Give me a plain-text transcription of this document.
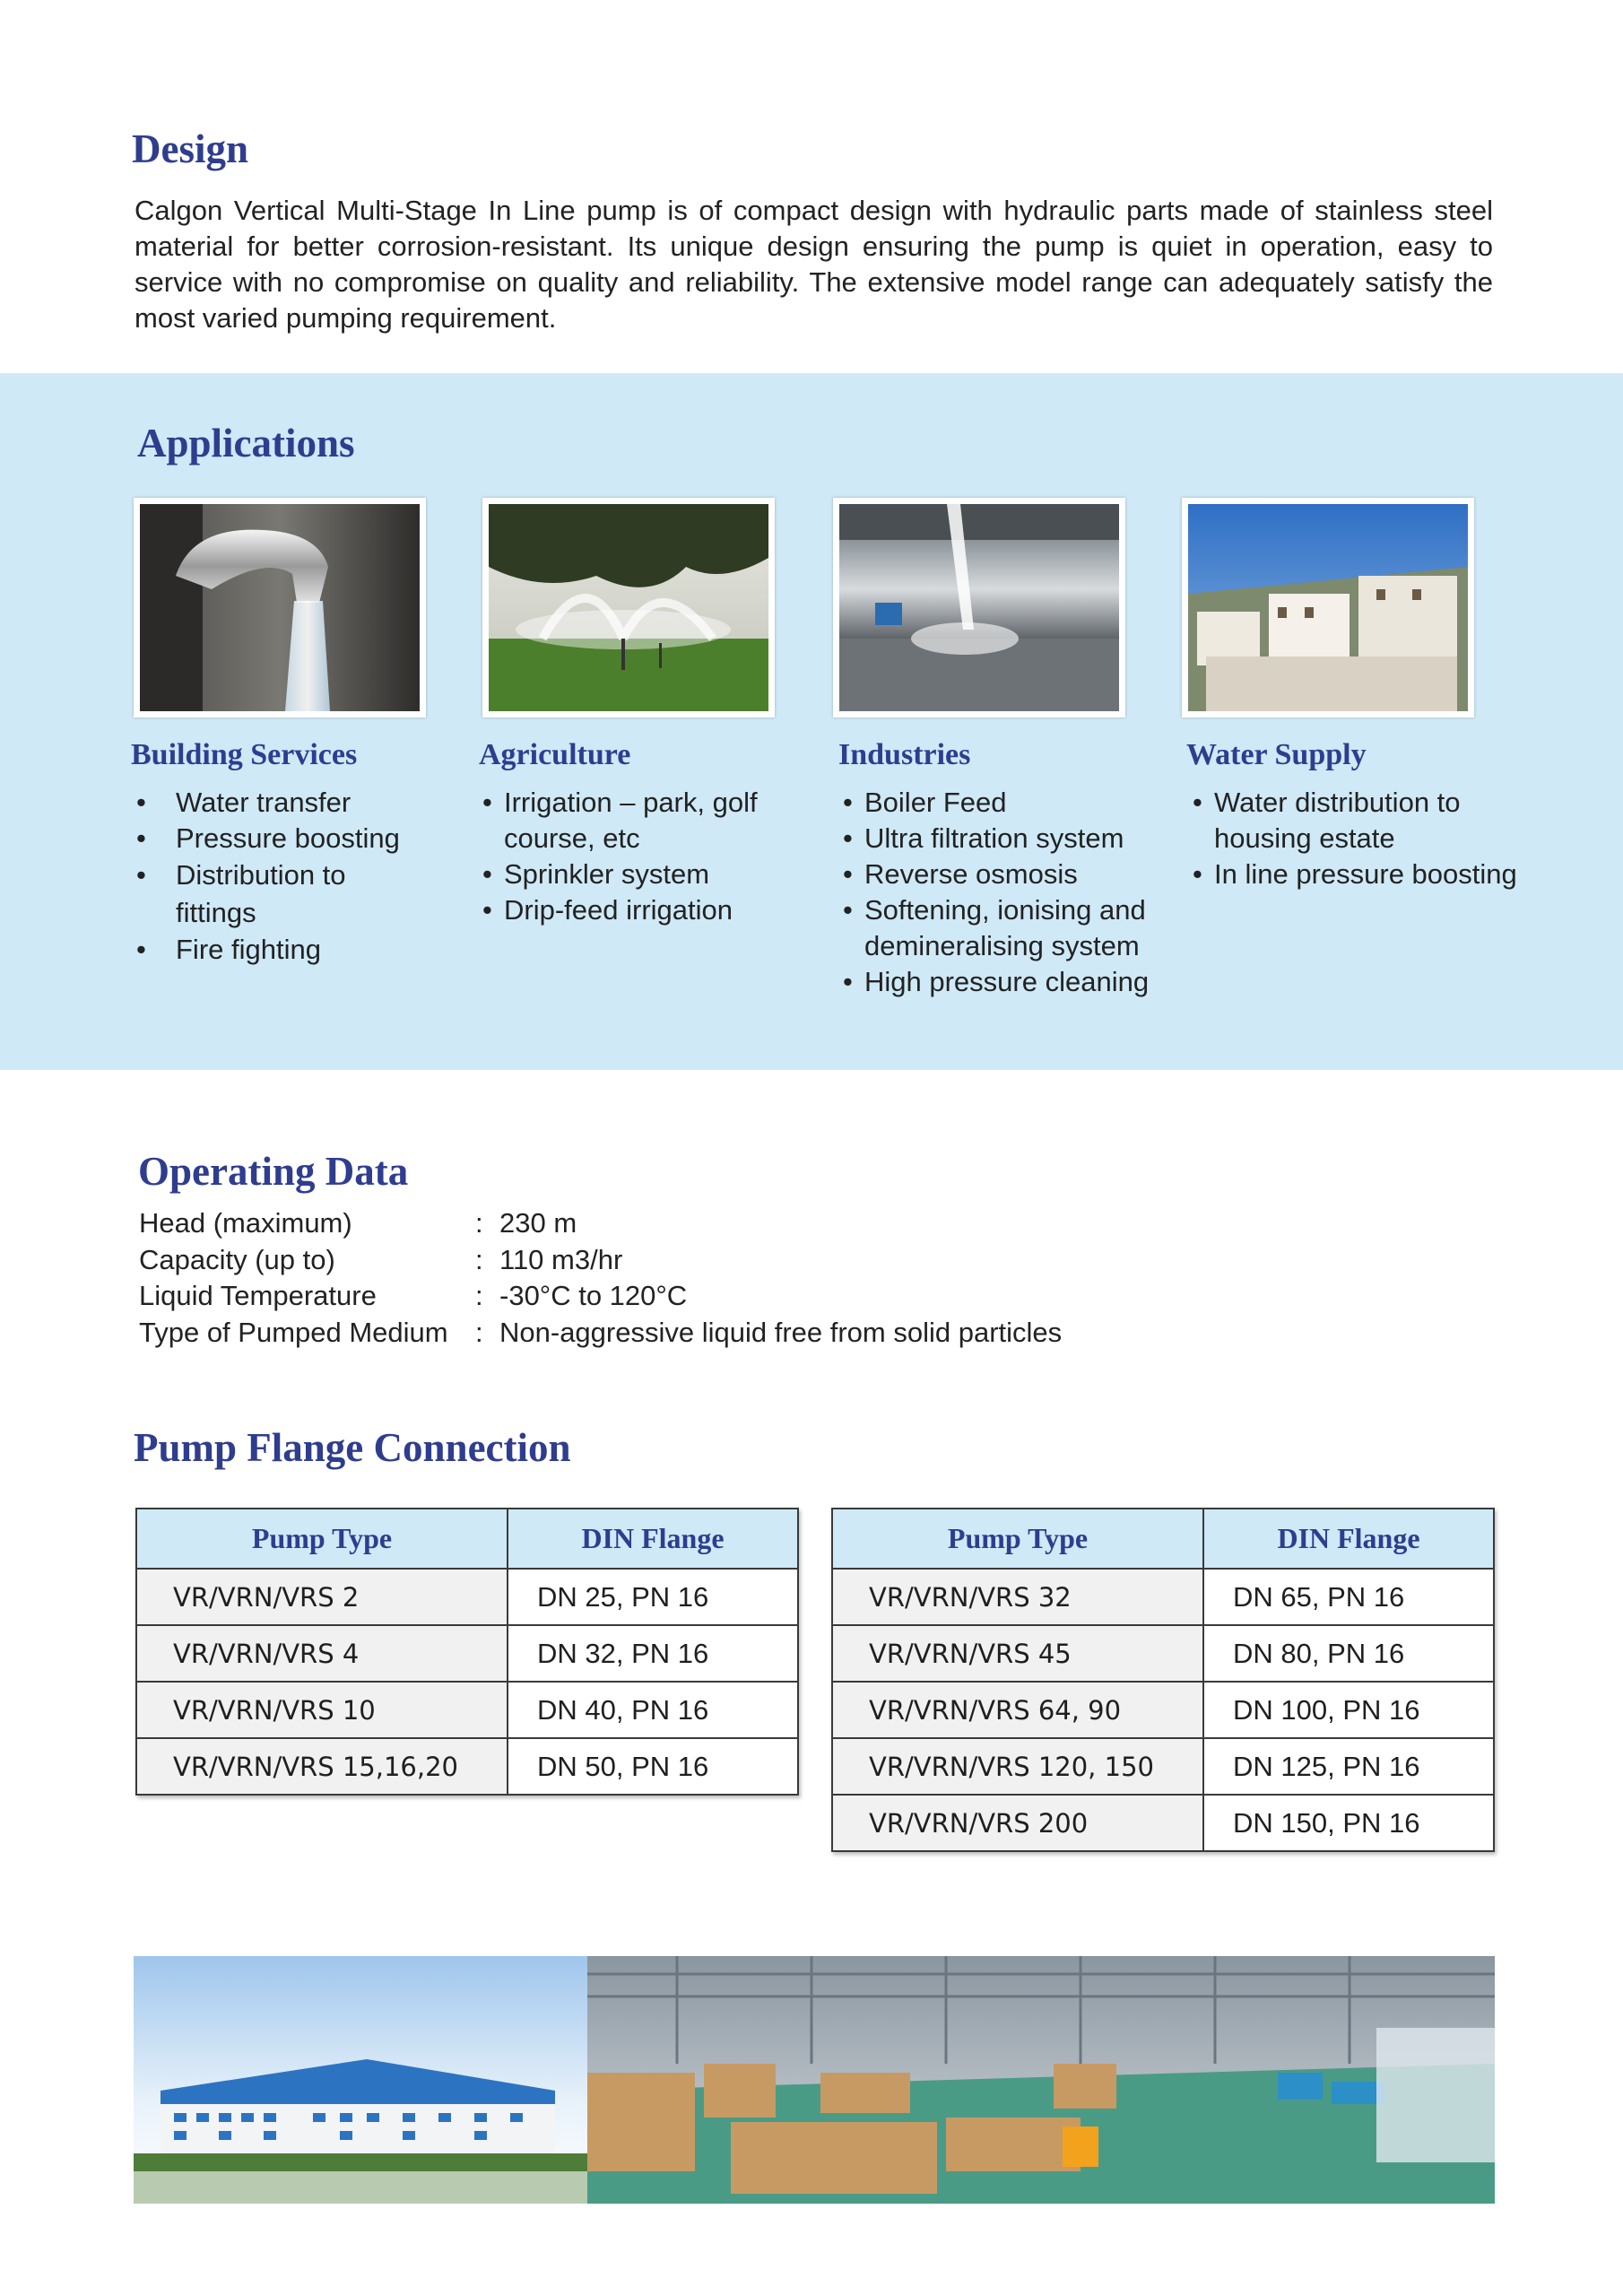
Design

Calgon Vertical Multi-Stage In Line pump is of compact design with hydraulic parts made of stainless steel material for better corrosion-resistant. Its unique design ensuring the pump is quiet in operation, easy to service with no compromise on quality and reliability. The extensive model range can adequately satisfy the most varied pumping requirement.

Applications
Building Services	Agriculture	Industries	Water Supply
• Water transfer
• Pressure boosting
• Distribution to fittings
• Fire fighting
• Irrigation – park, golf course, etc
• Sprinkler system
• Drip-feed irrigation
• Boiler Feed
• Ultra filtration system
• Reverse osmosis
• Softening, ionising and demineralising system
• High pressure cleaning
• Water distribution to housing estate
• In line pressure boosting
Operating Data
Head (maximum)	: 230 m
Capacity (up to)	: 110 m3/hr
Liquid Temperature	: -30°C to 120°C
Type of Pumped Medium : Non-aggressive liquid free from solid particles
Pump Flange Connection
Pump Type	DIN Flange
VR/VRN/VRS 2	DN 25, PN 16
VR/VRN/VRS 4	DN 32, PN 16
VR/VRN/VRS 10	DN 40, PN 16
VR/VRN/VRS 15,16,20	DN 50, PN 16
Pump Type	DIN Flange
VR/VRN/VRS 32	DN 65, PN 16
VR/VRN/VRS 45	DN 80, PN 16
VR/VRN/VRS 64, 90	DN 100, PN 16
VR/VRN/VRS 120, 150	DN 125, PN 16
VR/VRN/VRS 200	DN 150, PN 16
